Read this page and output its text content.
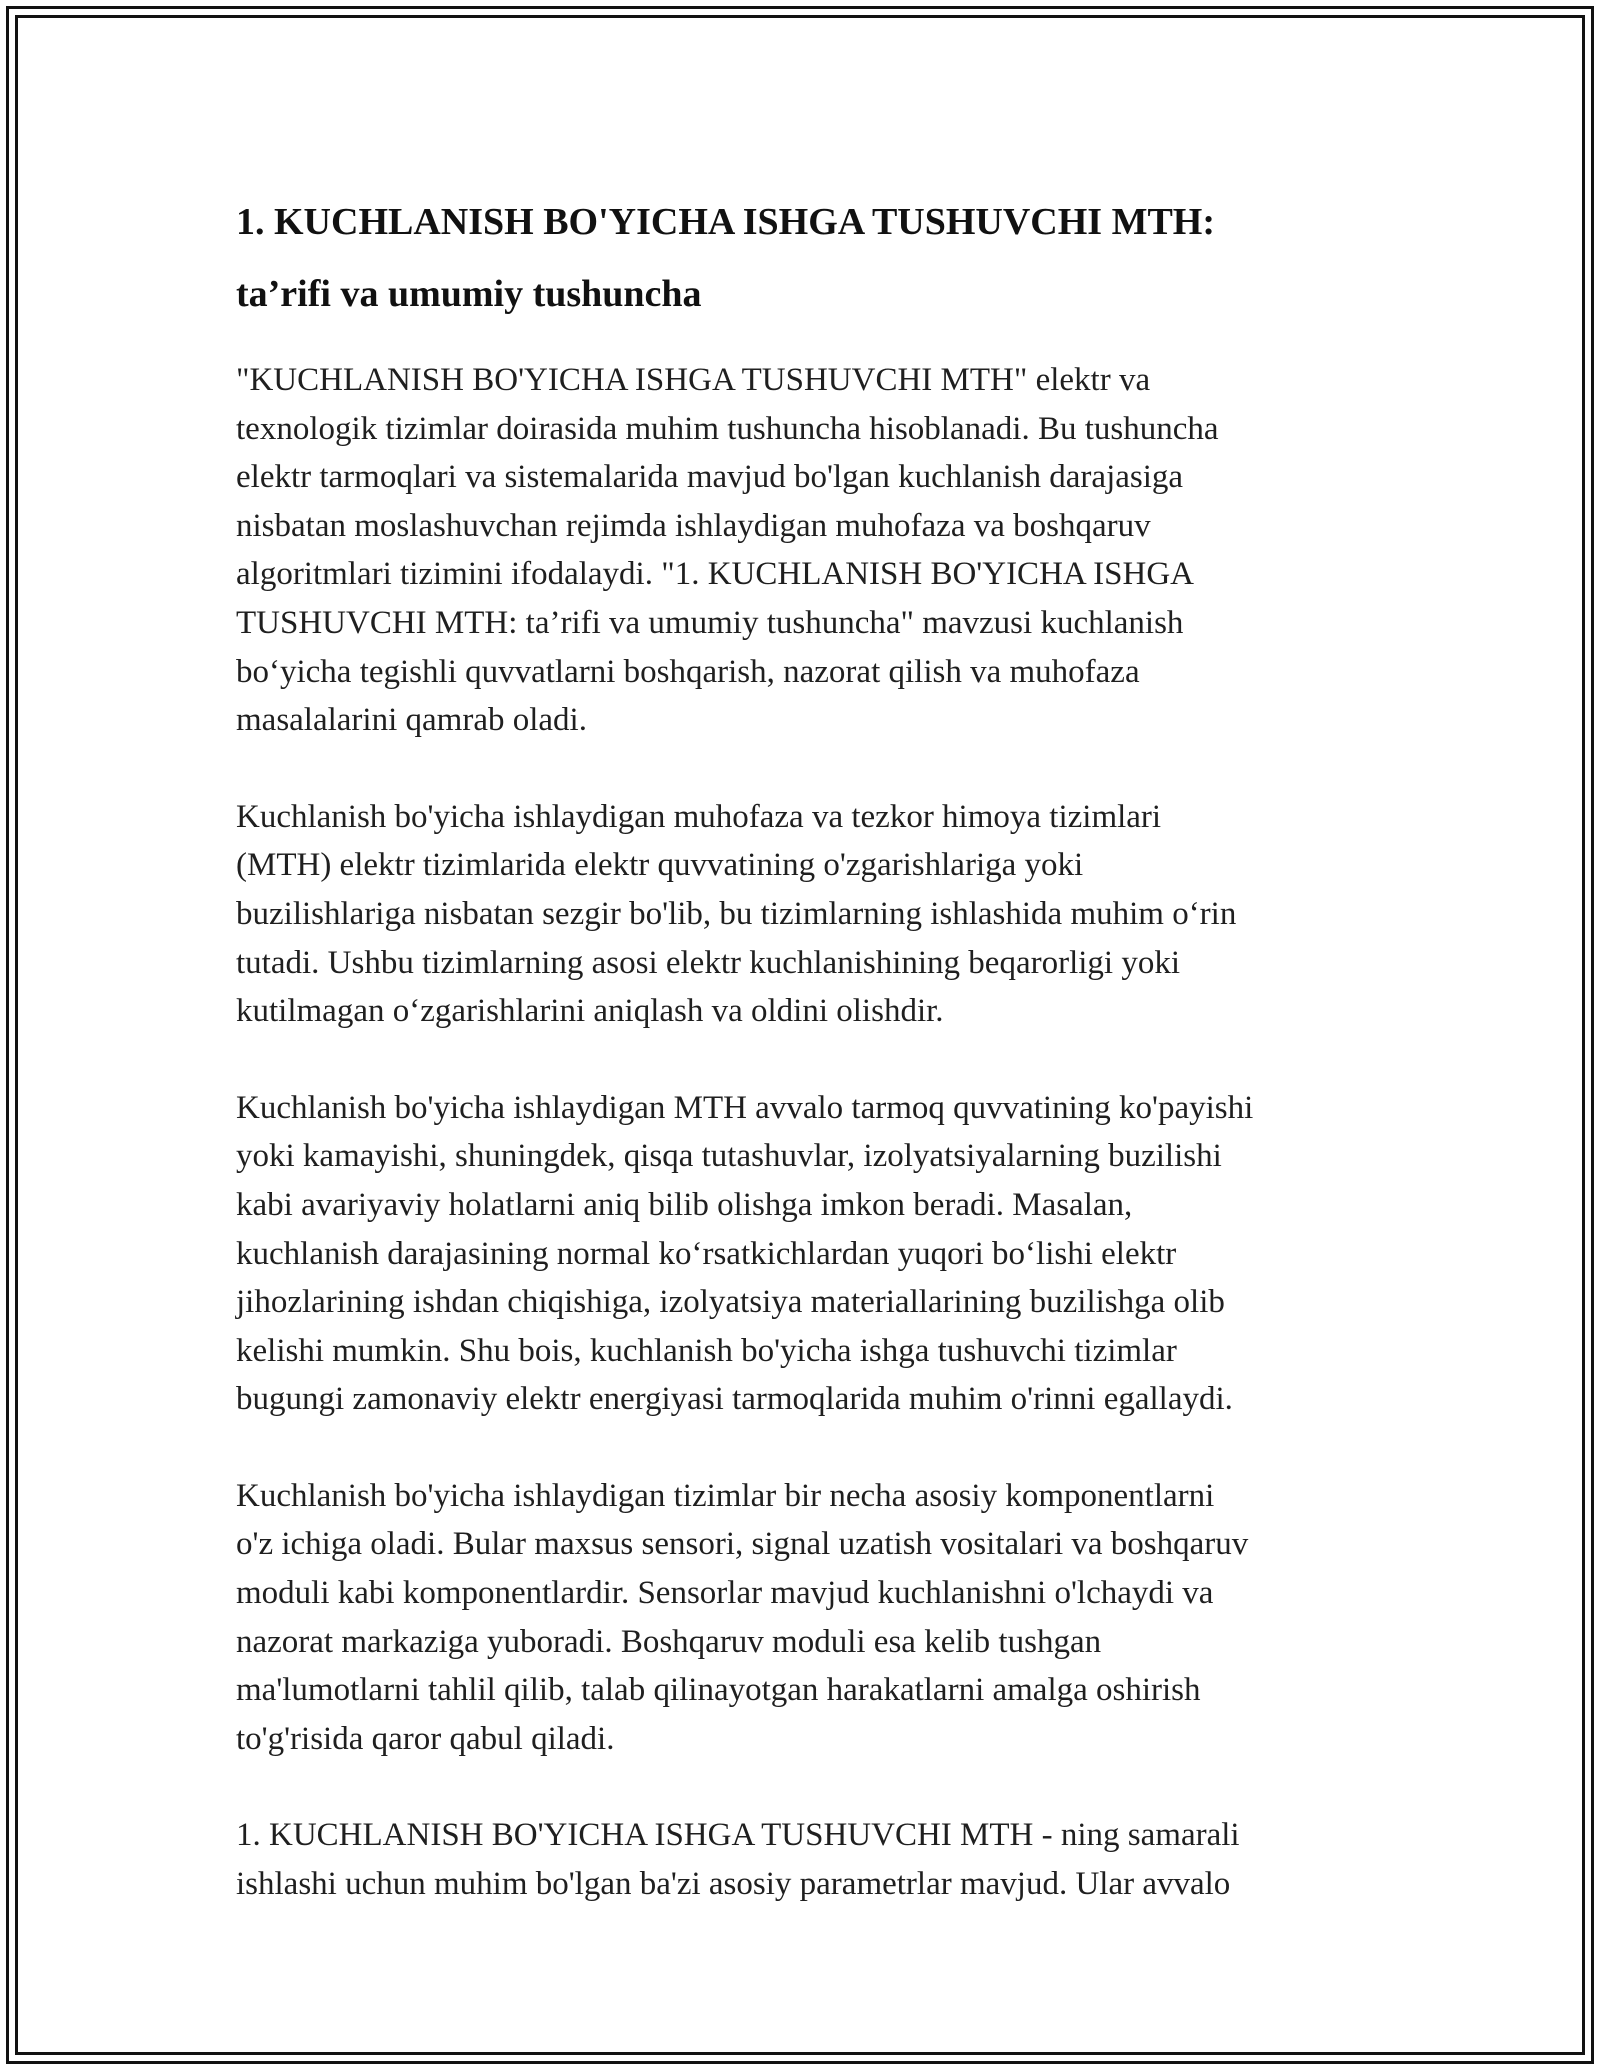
1. KUCHLANISH BO'YICHA ISHGA TUSHUVCHI MTH:
ta’rifi va umumiy tushuncha

"KUCHLANISH BO'YICHA ISHGA TUSHUVCHI MTH" elektr va
texnologik tizimlar doirasida muhim tushuncha hisoblanadi. Bu tushuncha
elektr tarmoqlari va sistemalarida mavjud bo'lgan kuchlanish darajasiga
nisbatan moslashuvchan rejimda ishlaydigan muhofaza va boshqaruv
algoritmlari tizimini ifodalaydi. "1. KUCHLANISH BO'YICHA ISHGA
TUSHUVCHI MTH: ta’rifi va umumiy tushuncha" mavzusi kuchlanish
bo‘yicha tegishli quvvatlarni boshqarish, nazorat qilish va muhofaza
masalalarini qamrab oladi.

Kuchlanish bo'yicha ishlaydigan muhofaza va tezkor himoya tizimlari
(MTH) elektr tizimlarida elektr quvvatining o'zgarishlariga yoki
buzilishlariga nisbatan sezgir bo'lib, bu tizimlarning ishlashida muhim o‘rin
tutadi. Ushbu tizimlarning asosi elektr kuchlanishining beqarorligi yoki
kutilmagan o‘zgarishlarini aniqlash va oldini olishdir.

Kuchlanish bo'yicha ishlaydigan MTH avvalo tarmoq quvvatining ko'payishi
yoki kamayishi, shuningdek, qisqa tutashuvlar, izolyatsiyalarning buzilishi
kabi avariyaviy holatlarni aniq bilib olishga imkon beradi. Masalan,
kuchlanish darajasining normal ko‘rsatkichlardan yuqori bo‘lishi elektr
jihozlarining ishdan chiqishiga, izolyatsiya materiallarining buzilishga olib
kelishi mumkin. Shu bois, kuchlanish bo'yicha ishga tushuvchi tizimlar
bugungi zamonaviy elektr energiyasi tarmoqlarida muhim o'rinni egallaydi.

Kuchlanish bo'yicha ishlaydigan tizimlar bir necha asosiy komponentlarni
o'z ichiga oladi. Bular maxsus sensori, signal uzatish vositalari va boshqaruv
moduli kabi komponentlardir. Sensorlar mavjud kuchlanishni o'lchaydi va
nazorat markaziga yuboradi. Boshqaruv moduli esa kelib tushgan
ma'lumotlarni tahlil qilib, talab qilinayotgan harakatlarni amalga oshirish
to'g'risida qaror qabul qiladi.

1. KUCHLANISH BO'YICHA ISHGA TUSHUVCHI MTH - ning samarali
ishlashi uchun muhim bo'lgan ba'zi asosiy parametrlar mavjud. Ular avvalo
